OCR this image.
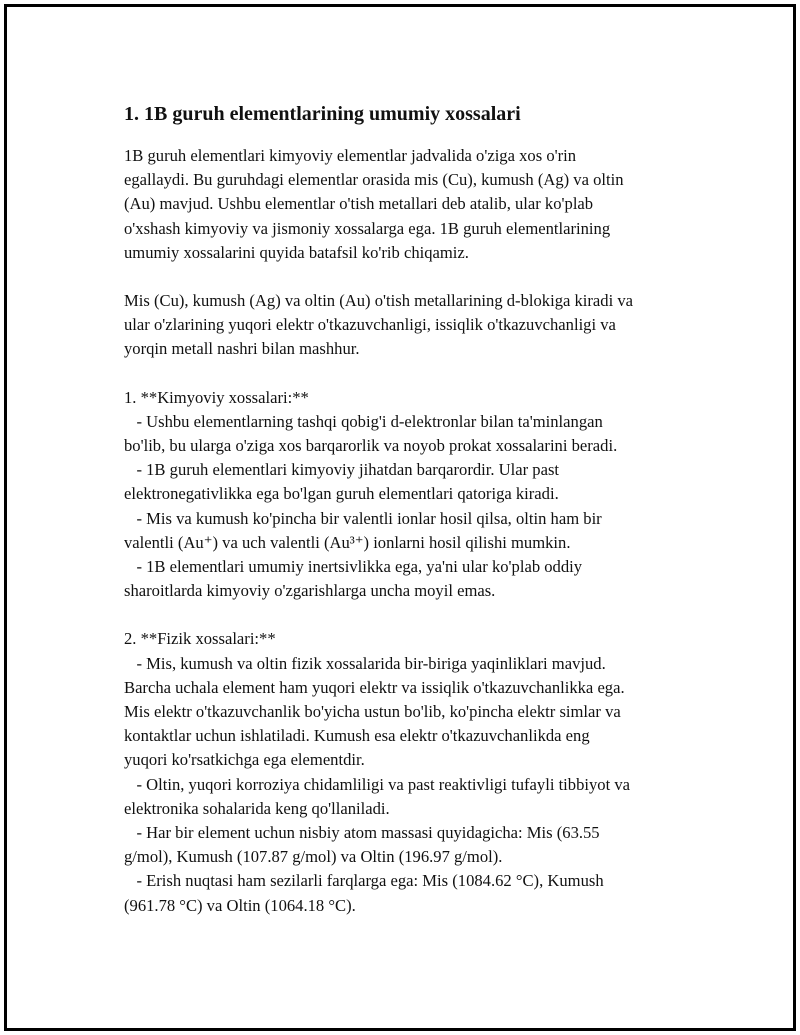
1. 1B guruh elementlarining umumiy xossalari

1B guruh elementlari kimyoviy elementlar jadvalida o'ziga xos o'rin
egallaydi. Bu guruhdagi elementlar orasida mis (Cu), kumush (Ag) va oltin
(Au) mavjud. Ushbu elementlar o'tish metallari deb atalib, ular ko'plab
o'xshash kimyoviy va jismoniy xossalarga ega. 1B guruh elementlarining
umumiy xossalarini quyida batafsil ko'rib chiqamiz.

Mis (Cu), kumush (Ag) va oltin (Au) o'tish metallarining d-blokiga kiradi va
ular o'zlarining yuqori elektr o'tkazuvchanligi, issiqlik o'tkazuvchanligi va
yorqin metall nashri bilan mashhur.

1. **Kimyoviy xossalari:**
- Ushbu elementlarning tashqi qobig'i d-elektronlar bilan ta'minlangan
bo'lib, bu ularga o'ziga xos barqarorlik va noyob prokat xossalarini beradi.
- 1B guruh elementlari kimyoviy jihatdan barqarordir. Ular past
elektronegativlikka ega bo'lgan guruh elementlari qatoriga kiradi.
- Mis va kumush ko'pincha bir valentli ionlar hosil qilsa, oltin ham bir
valentli (Au⁺) va uch valentli (Au³⁺) ionlarni hosil qilishi mumkin.
- 1B elementlari umumiy inertsivlikka ega, ya'ni ular ko'plab oddiy
sharoitlarda kimyoviy o'zgarishlarga uncha moyil emas.

2. **Fizik xossalari:**
- Mis, kumush va oltin fizik xossalarida bir-biriga yaqinliklari mavjud.
Barcha uchala element ham yuqori elektr va issiqlik o'tkazuvchanlikka ega.
Mis elektr o'tkazuvchanlik bo'yicha ustun bo'lib, ko'pincha elektr simlar va
kontaktlar uchun ishlatiladi. Kumush esa elektr o'tkazuvchanlikda eng
yuqori ko'rsatkichga ega elementdir.
- Oltin, yuqori korroziya chidamliligi va past reaktivligi tufayli tibbiyot va
elektronika sohalarida keng qo'llaniladi.
- Har bir element uchun nisbiy atom massasi quyidagicha: Mis (63.55
g/mol), Kumush (107.87 g/mol) va Oltin (196.97 g/mol).
- Erish nuqtasi ham sezilarli farqlarga ega: Mis (1084.62 °C), Kumush
(961.78 °C) va Oltin (1064.18 °C).
